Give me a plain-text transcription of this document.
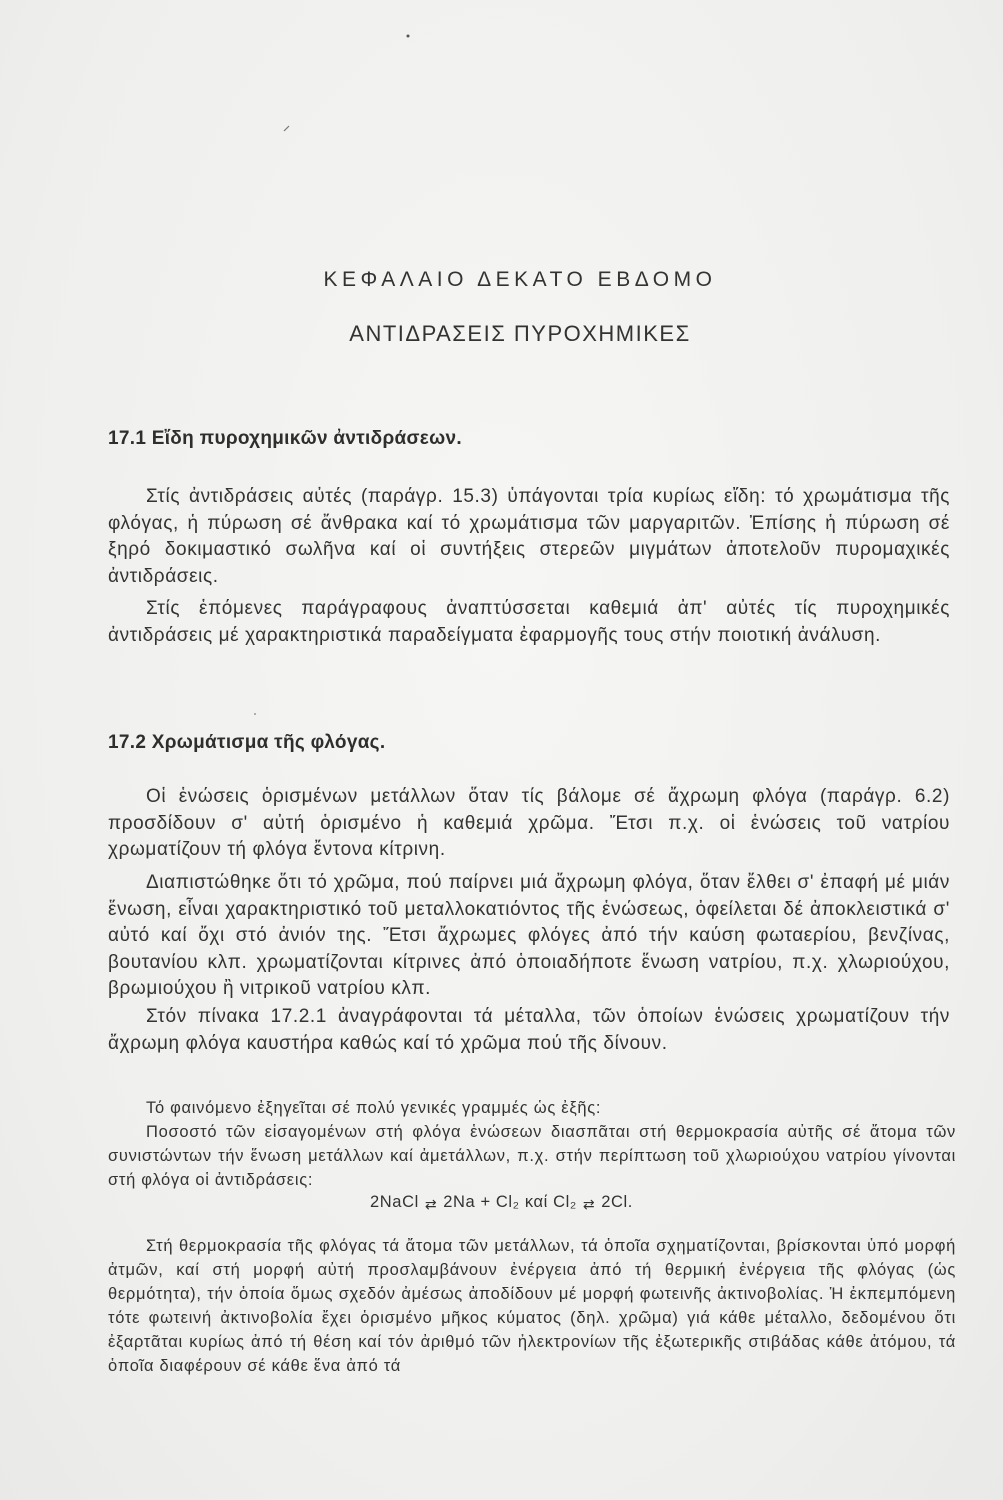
ΚΕΦΑΛΑΙΟ ΔΕΚΑΤΟ ΕΒΔΟΜΟ
ΑΝΤΙΔΡΑΣΕΙΣ ΠΥΡΟΧΗΜΙΚΕΣ
17.1 Εἴδη πυροχημικῶν ἀντιδράσεων.
Στίς ἀντιδράσεις αὐτές (παράγρ. 15.3) ὑπάγονται τρία κυρίως εἴδη: τό χρωμάτισμα τῆς φλόγας, ἡ πύρωση σέ ἄνθρακα καί τό χρωμάτισμα τῶν μαργαριτῶν. Ἐπίσης ἡ πύρωση σέ ξηρό δοκιμαστικό σωλῆνα καί οἱ συντήξεις στερεῶν μιγμάτων ἀποτελοῦν πυρομαχικές ἀντιδράσεις.
Στίς ἑπόμενες παράγραφους ἀναπτύσσεται καθεμιά ἀπ' αὐτές τίς πυροχημικές ἀντιδράσεις μέ χαρακτηριστικά παραδείγματα ἐφαρμογῆς τους στήν ποιοτική ἀνάλυση.
17.2 Χρωμάτισμα τῆς φλόγας.
Οἱ ἑνώσεις ὁρισμένων μετάλλων ὅταν τίς βάλομε σέ ἄχρωμη φλόγα (παράγρ. 6.2) προσδίδουν σ' αὐτή ὁρισμένο ἡ καθεμιά χρῶμα. Ἔτσι π.χ. οἱ ἑνώσεις τοῦ νατρίου χρωματίζουν τή φλόγα ἔντονα κίτρινη.
Διαπιστώθηκε ὅτι τό χρῶμα, πού παίρνει μιά ἄχρωμη φλόγα, ὅταν ἔλθει σ' ἐπαφή μέ μιάν ἕνωση, εἶναι χαρακτηριστικό τοῦ μεταλλοκατιόντος τῆς ἑνώσεως, ὀφείλεται δέ ἀποκλειστικά σ' αὐτό καί ὄχι στό ἀνιόν της. Ἔτσι ἄχρωμες φλόγες ἀπό τήν καύση φωταερίου, βενζίνας, βουτανίου κλπ. χρωματίζονται κίτρινες ἀπό ὁποιαδήποτε ἕνωση νατρίου, π.χ. χλωριούχου, βρωμιούχου ἢ νιτρικοῦ νατρίου κλπ.
Στόν πίνακα 17.2.1 ἀναγράφονται τά μέταλλα, τῶν ὁποίων ἑνώσεις χρωματίζουν τήν ἄχρωμη φλόγα καυστήρα καθώς καί τό χρῶμα πού τῆς δίνουν.
Τό φαινόμενο ἐξηγεῖται σέ πολύ γενικές γραμμές ὡς ἐξῆς:
Ποσοστό τῶν εἰσαγομένων στή φλόγα ἑνώσεων διασπᾶται στή θερμοκρασία αὐτῆς σέ ἄτομα τῶν συνιστώντων τήν ἕνωση μετάλλων καί ἀμετάλλων, π.χ. στήν περίπτωση τοῦ χλωριούχου νατρίου γίνονται στή φλόγα οἱ ἀντιδράσεις:
2NaCl ⇄ 2Na + Cl₂ καί Cl₂ ⇄ 2Cl.
Στή θερμοκρασία τῆς φλόγας τά ἄτομα τῶν μετάλλων, τά ὁποῖα σχηματίζονται, βρίσκονται ὑπό μορφή ἀτμῶν, καί στή μορφή αὐτή προσλαμβάνουν ἐνέργεια ἀπό τή θερμική ἐνέργεια τῆς φλόγας (ὡς θερμότητα), τήν ὁποία ὅμως σχεδόν ἀμέσως ἀποδίδουν μέ μορφή φωτεινῆς ἀκτινοβολίας. Ἡ ἐκπεμπόμενη τότε φωτεινή ἀκτινοβολία ἔχει ὁρισμένο μῆκος κύματος (δηλ. χρῶμα) γιά κάθε μέταλλο, δεδομένου ὅτι ἐξαρτᾶται κυρίως ἀπό τή θέση καί τόν ἀριθμό τῶν ἠλεκτρονίων τῆς ἐξωτερικῆς στιβάδας κάθε ἀτόμου, τά ὁποῖα διαφέρουν σέ κάθε ἕνα ἀπό τά
